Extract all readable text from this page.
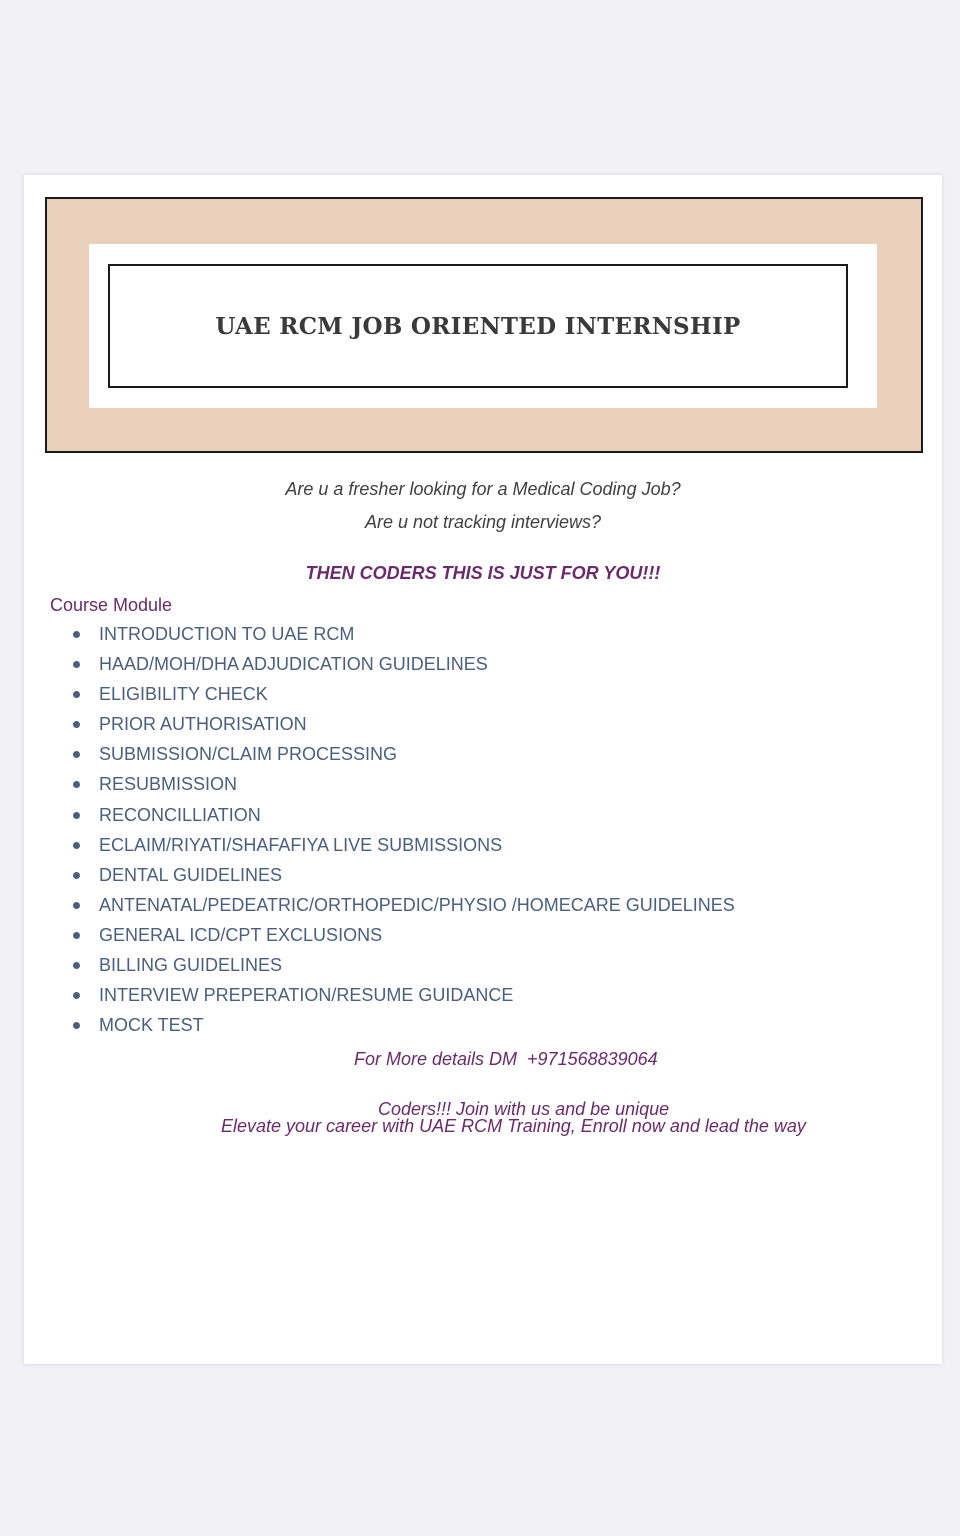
UAE RCM JOB ORIENTED INTERNSHIP

Are u a fresher looking for a Medical Coding Job?

Are u not tracking interviews?

THEN CODERS THIS IS JUST FOR YOU!!!

Course Module
INTRODUCTION TO UAE RCM
HAAD/MOH/DHA ADJUDICATION GUIDELINES
ELIGIBILITY CHECK
PRIOR AUTHORISATION
SUBMISSION/CLAIM PROCESSING
RESUBMISSION
RECONCILLIATION
ECLAIM/RIYATI/SHAFAFIYA LIVE SUBMISSIONS
DENTAL GUIDELINES
ANTENATAL/PEDEATRIC/ORTHOPEDIC/PHYSIO /HOMECARE GUIDELINES
GENERAL ICD/CPT EXCLUSIONS
BILLING GUIDELINES
INTERVIEW PREPERATION/RESUME GUIDANCE
MOCK TEST

For More details DM  +971568839064

Coders!!! Join with us and be unique

Elevate your career with UAE RCM Training, Enroll now and lead the way
